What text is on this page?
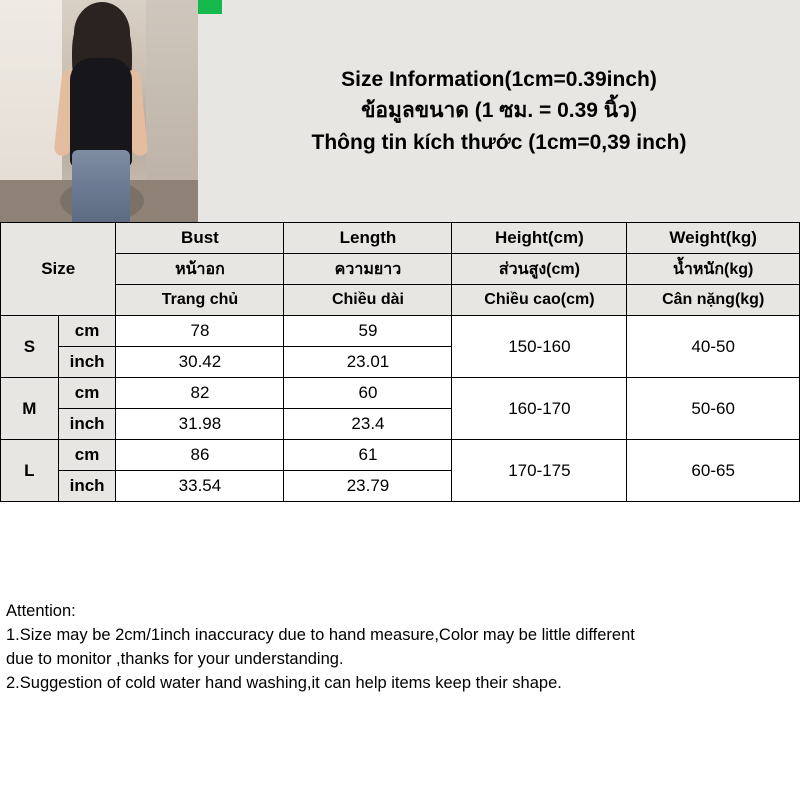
Size Information(1cm=0.39inch)
ข้อมูลขนาด (1 ซม. = 0.39 นิ้ว)
Thông tin kích thước (1cm=0,39 inch)
Size		Bust	Length	Height(cm)	Weight(kg)
		หน้าอก	ความยาว	ส่วนสูง(cm)	น้ำหนัก(kg)
		Trang chủ	Chiều dài	Chiều cao(cm)	Cân nặng(kg)
S	cm	78	59	150-160	40-50
	inch	30.42	23.01		
M	cm	82	60	160-170	50-60
	inch	31.98	23.4		
L	cm	86	61	170-175	60-65
	inch	33.54	23.79		

Attention:

1.Size may be 2cm/1inch inaccuracy due to hand measure,Color may be little different

due to monitor ,thanks for your understanding.

2.Suggestion of cold water hand washing,it can help items keep their shape.
